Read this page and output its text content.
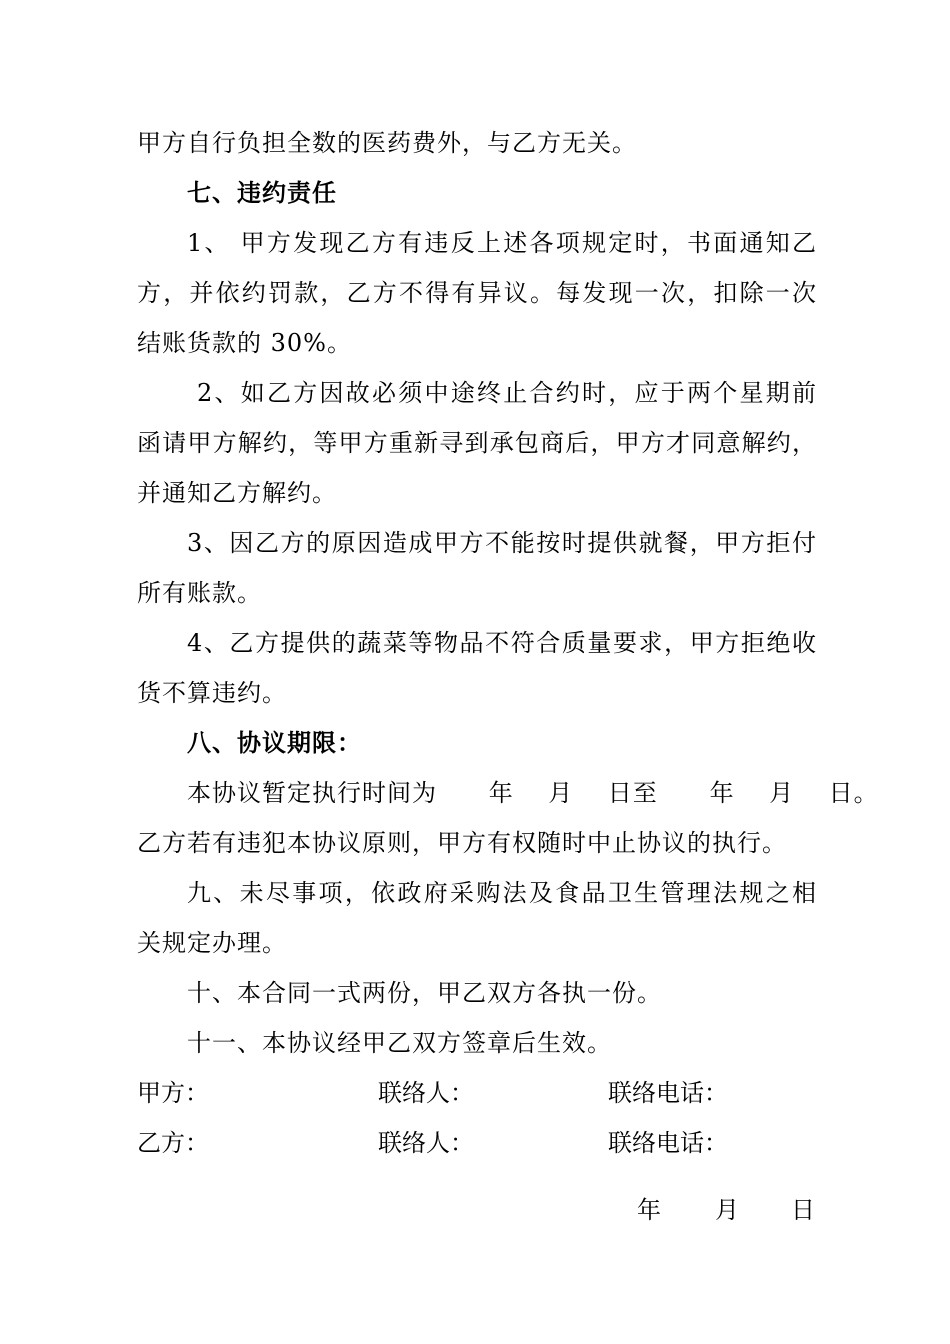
甲方自行负担全数的医药费外，与乙方无关。
七、违约责任
1、 甲方发现乙方有违反上述各项规定时，书面通知乙
方，并依约罚款，乙方不得有异议。每发现一次，扣除一次
结账货款的 30%。
2、如乙方因故必须中途终止合约时，应于两个星期前
函请甲方解约，等甲方重新寻到承包商后，甲方才同意解约，
并通知乙方解约。
3、因乙方的原因造成甲方不能按时提供就餐，甲方拒付
所有账款。
4、乙方提供的蔬菜等物品不符合质量要求，甲方拒绝收
货不算违约。
八、协议期限：
本协议暂定执行时间为      年    月    日至      年    月    日。
乙方若有违犯本协议原则，甲方有权随时中止协议的执行。
九、未尽事项，依政府采购法及食品卫生管理法规之相
关规定办理。
十、本合同一式两份，甲乙双方各执一份。
十一、本协议经甲乙双方签章后生效。
甲方：	联络人：	联络电话：
乙方：	联络人：	联络电话：
年 月 日
